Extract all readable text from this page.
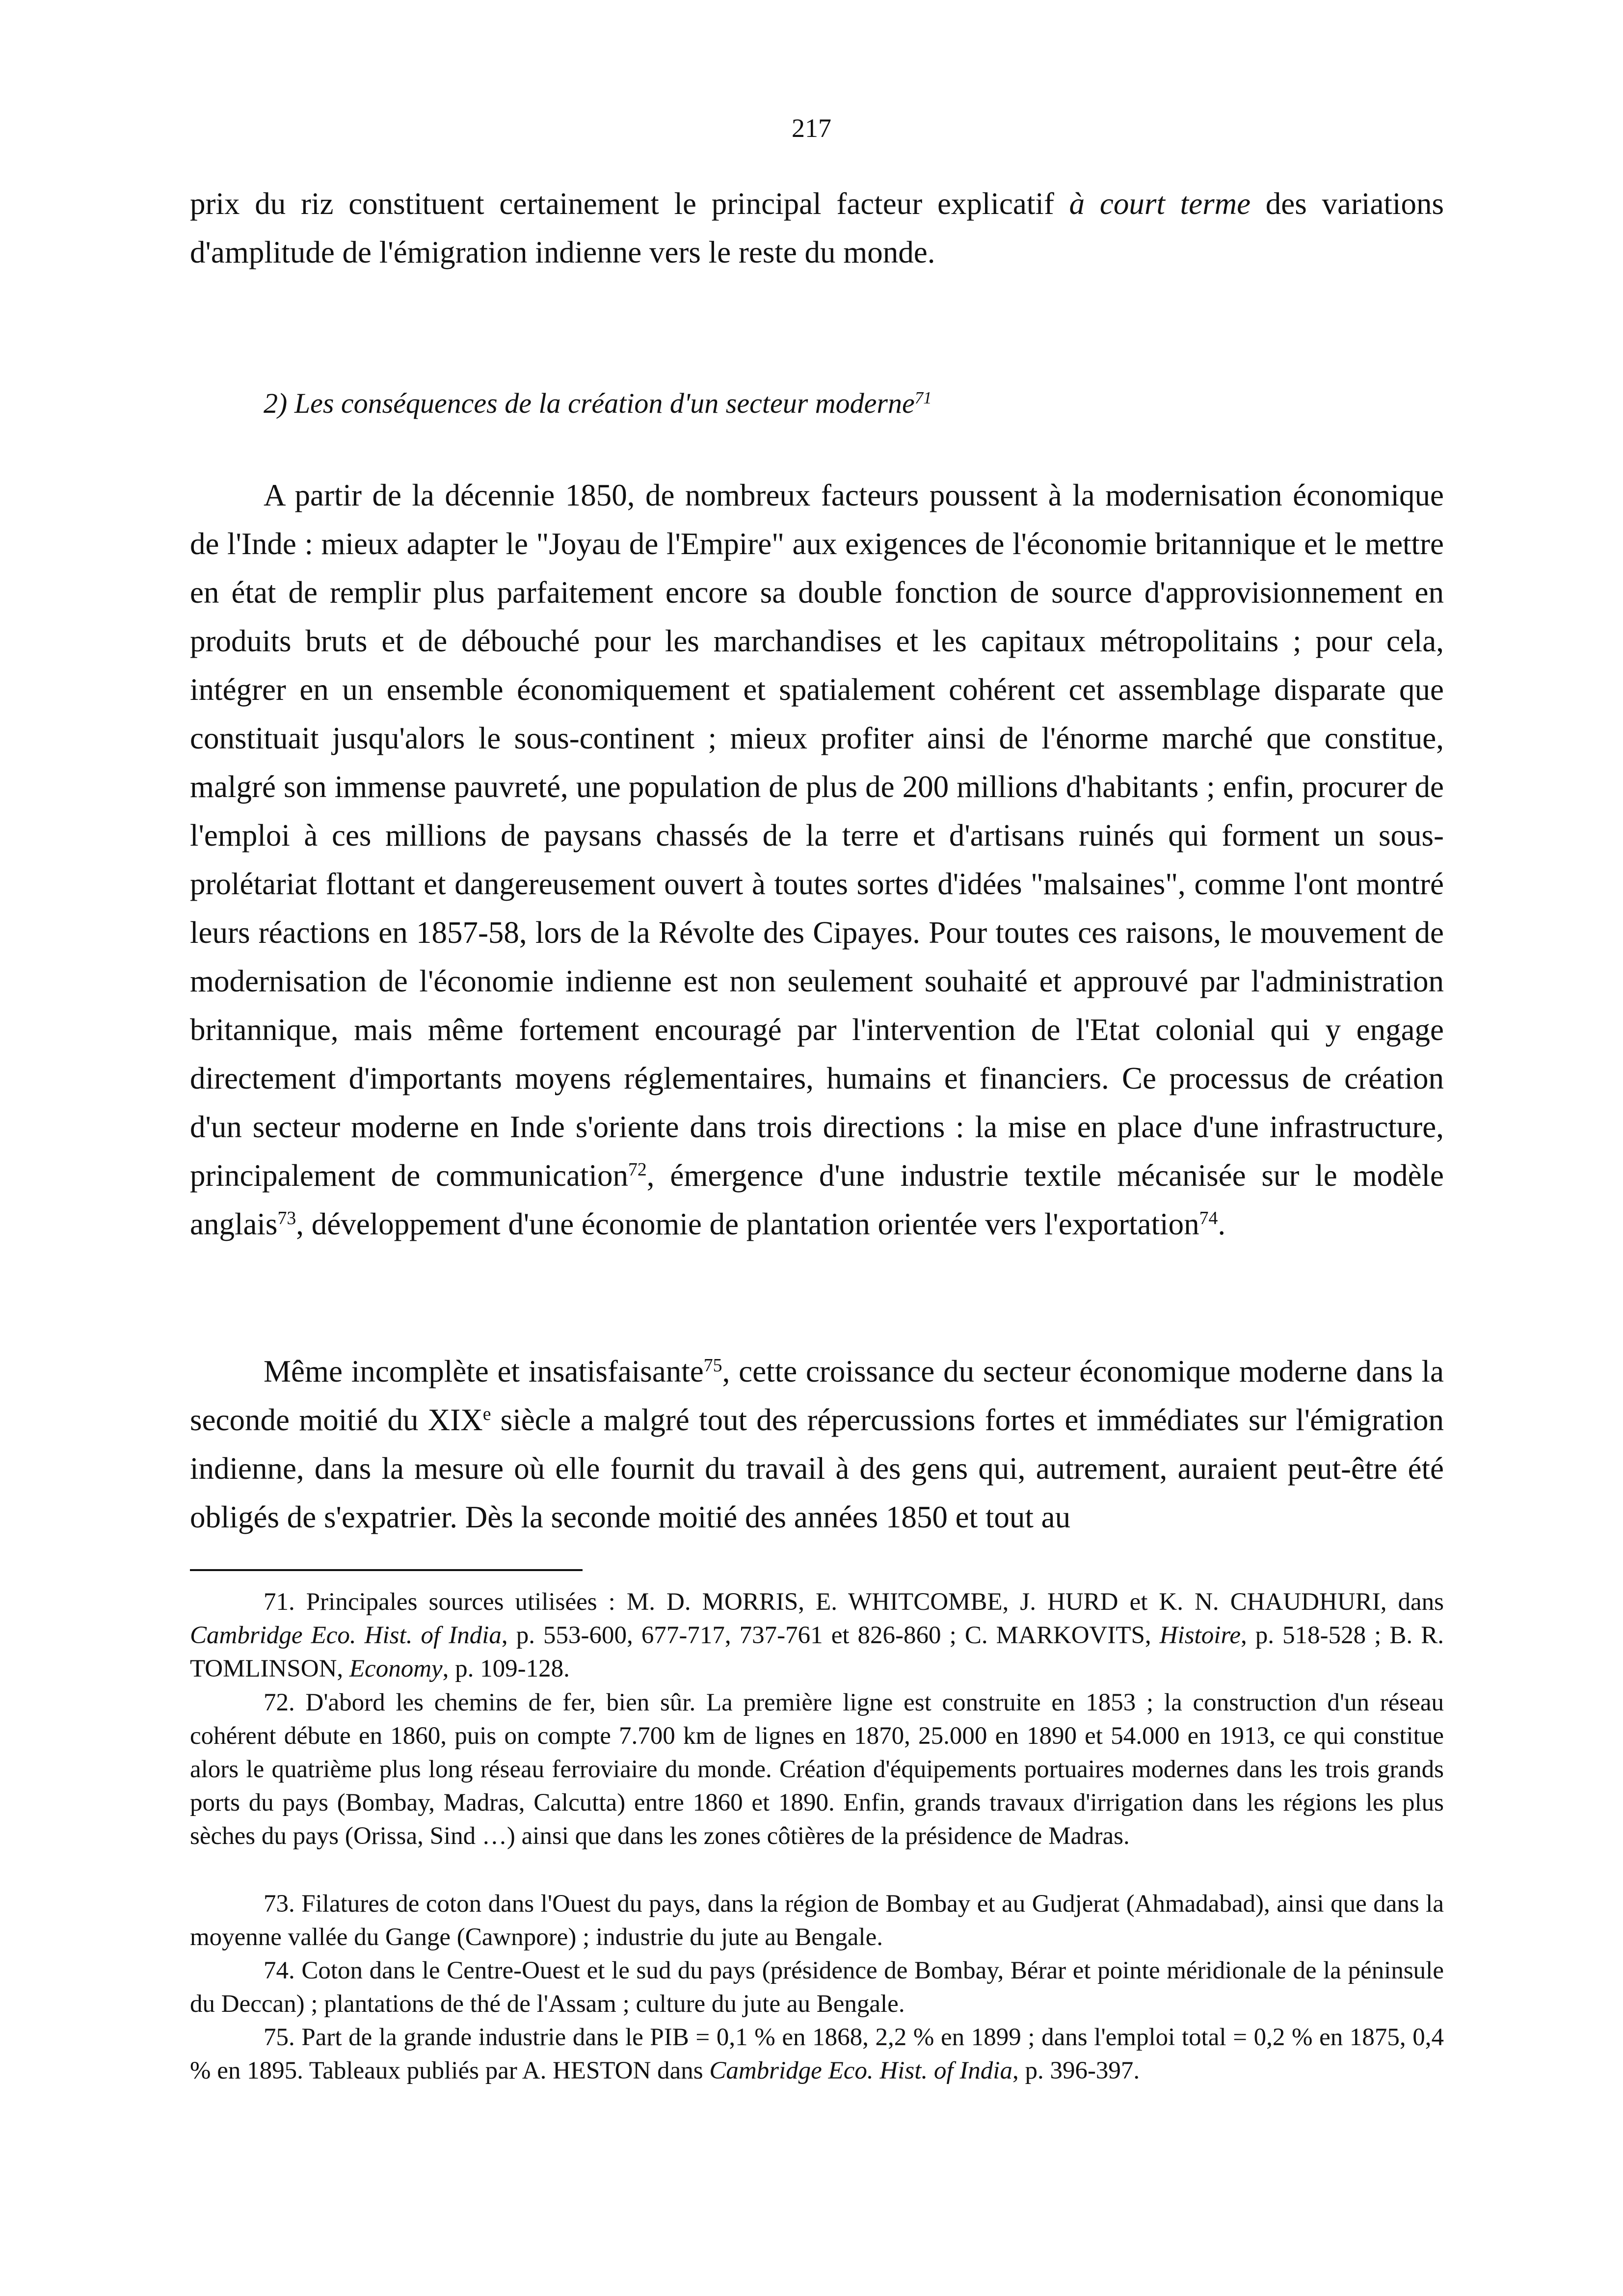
217

prix du riz constituent certainement le principal facteur explicatif à court terme des variations d'amplitude de l'émigration indienne vers le reste du monde.

2) Les conséquences de la création d'un secteur moderne$^{71}$

A partir de la décennie 1850, de nombreux facteurs poussent à la modernisation économique de l'Inde : mieux adapter le "Joyau de l'Empire" aux exigences de l'économie britannique et le mettre en état de remplir plus parfaitement encore sa double fonction de source d'approvisionnement en produits bruts et de débouché pour les marchandises et les capitaux métropolitains ; pour cela, intégrer en un ensemble économiquement et spatialement cohérent cet assemblage disparate que constituait jusqu'alors le sous-continent ; mieux profiter ainsi de l'énorme marché que constitue, malgré son immense pauvreté, une population de plus de 200 millions d'habitants ; enfin, procurer de l'emploi à ces millions de paysans chassés de la terre et d'artisans ruinés qui forment un sous-prolétariat flottant et dangereusement ouvert à toutes sortes d'idées "malsaines", comme l'ont montré leurs réactions en 1857-58, lors de la Révolte des Cipayes. Pour toutes ces raisons, le mouvement de modernisation de l'économie indienne est non seulement souhaité et approuvé par l'administration britannique, mais même fortement encouragé par l'intervention de l'Etat colonial qui y engage directement d'importants moyens réglementaires, humains et financiers. Ce processus de création d'un secteur moderne en Inde s'oriente dans trois directions : la mise en place d'une infrastructure, principalement de communication$^{72}$, émergence d'une industrie textile mécanisée sur le modèle anglais$^{73}$, développement d'une économie de plantation orientée vers l'exportation$^{74}$.

Même incomplète et insatisfaisante$^{75}$, cette croissance du secteur économique moderne dans la seconde moitié du XIXe siècle a malgré tout des répercussions fortes et immédiates sur l'émigration indienne, dans la mesure où elle fournit du travail à des gens qui, autrement, auraient peut-être été obligés de s'expatrier. Dès la seconde moitié des années 1850 et tout au

71. Principales sources utilisées : M. D. MORRIS, E. WHITCOMBE, J. HURD et K. N. CHAUDHURI, dans Cambridge Eco. Hist. of India, p. 553-600, 677-717, 737-761 et 826-860 ; C. MARKOVITS, Histoire, p. 518-528 ; B. R. TOMLINSON, Economy, p. 109-128.

72. D'abord les chemins de fer, bien sûr. La première ligne est construite en 1853 ; la construction d'un réseau cohérent débute en 1860, puis on compte 7.700 km de lignes en 1870, 25.000 en 1890 et 54.000 en 1913, ce qui constitue alors le quatrième plus long réseau ferroviaire du monde. Création d'équipements portuaires modernes dans les trois grands ports du pays (Bombay, Madras, Calcutta) entre 1860 et 1890. Enfin, grands travaux d'irrigation dans les régions les plus sèches du pays (Orissa, Sind …) ainsi que dans les zones côtières de la présidence de Madras.

73. Filatures de coton dans l'Ouest du pays, dans la région de Bombay et au Gudjerat (Ahmadabad), ainsi que dans la moyenne vallée du Gange (Cawnpore) ; industrie du jute au Bengale.

74. Coton dans le Centre-Ouest et le sud du pays (présidence de Bombay, Bérar et pointe méridionale de la péninsule du Deccan) ; plantations de thé de l'Assam ; culture du jute au Bengale.

75. Part de la grande industrie dans le PIB = 0,1 % en 1868, 2,2 % en 1899 ; dans l'emploi total = 0,2 % en 1875, 0,4 % en 1895. Tableaux publiés par A. HESTON dans Cambridge Eco. Hist. of India, p. 396-397.
